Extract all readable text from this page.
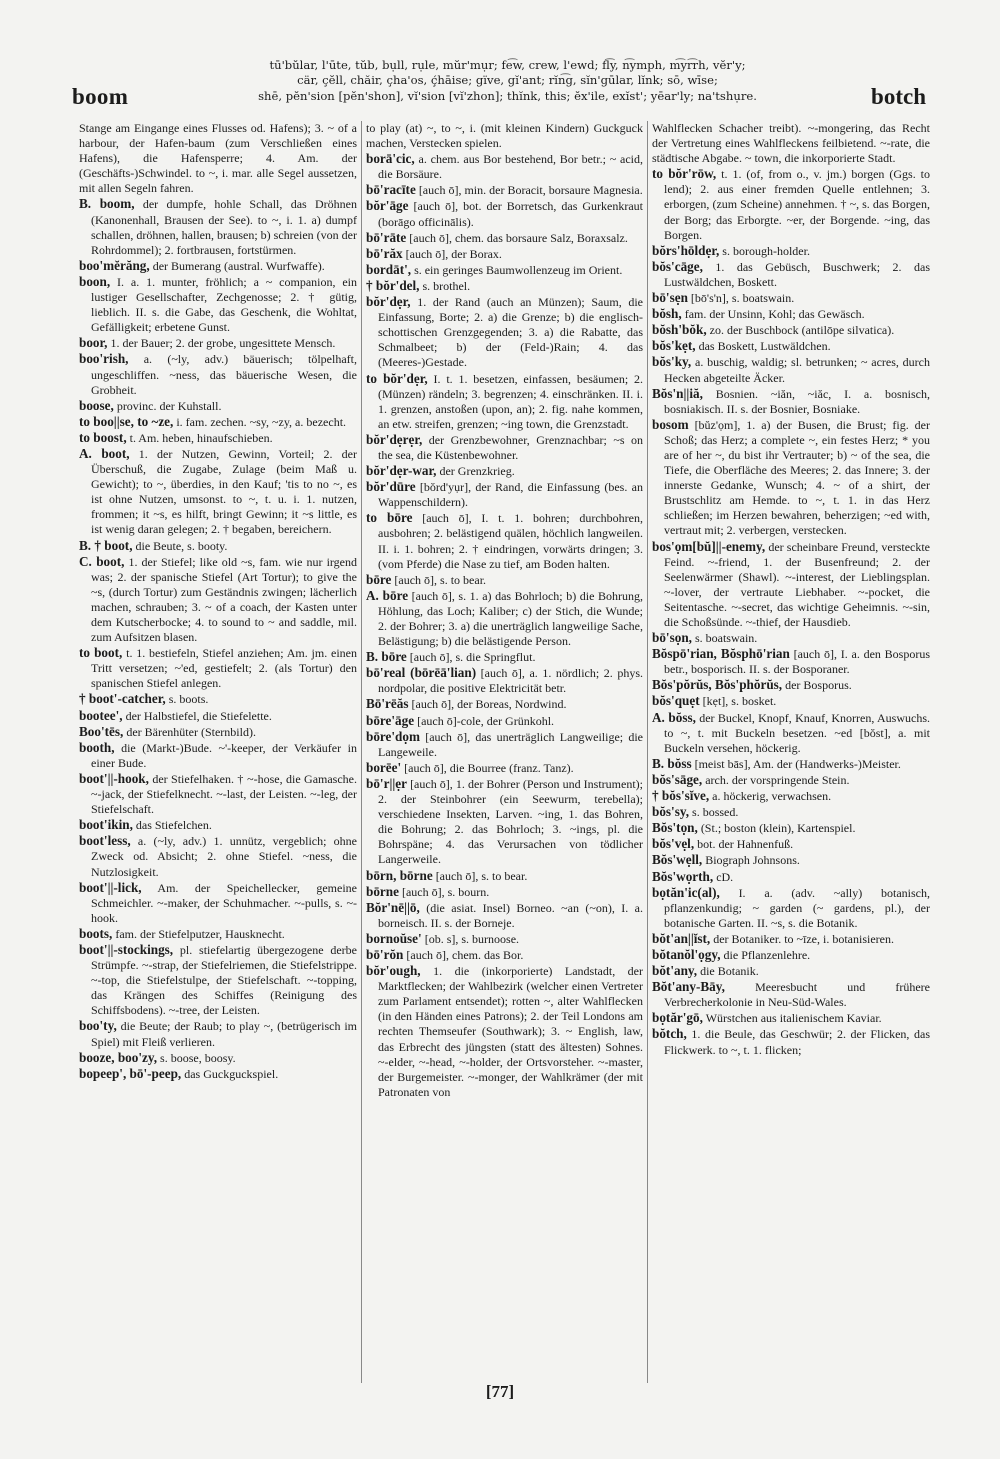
boom
tū'bŭlar, l'ūte, tŭb, bụll, rụle, mŭr'mụr; fe͡w, crew, l'ewd; fl͡y, n͡ymph, m͡yr͡rh, vĕr'y;
cär, çĕll, chăir, çha'os, ḉhāise; gïve, gĭ'ant; rĭn͡g, sĭn'gūlar, lĭnk; sō, wīse;
shē, pĕn'sion [pĕn'shon], vĭ'sion [vĭ'zhon]; thĭnk, this; ĕx'ile, exĭst'; yēar'ly; na'tshụre.	botch

Stange am Eingange eines Flusses od. Hafens); 3. ~ of a harbour, der Hafen-baum (zum Verschließen eines Hafens), die Hafensperre; 4. Am. der (Geschäfts-)Schwindel. to ~, i. mar. alle Segel aussetzen, mit allen Segeln fahren.

B. boom, der dumpfe, hohle Schall, das Dröhnen (Kanonenhall, Brausen der See). to ~, i. 1. a) dumpf schallen, dröhnen, hallen, brausen; b) schreien (von der Rohrdommel); 2. fortbrausen, fortstürmen.

boo'mĕrăng, der Bumerang (austral. Wurfwaffe).

boon, I. a. 1. munter, fröhlich; a ~ companion, ein lustiger Gesellschafter, Zechgenosse; 2. † gütig, lieblich. II. s. die Gabe, das Geschenk, die Wohltat, Gefälligkeit; erbetene Gunst.

boor, 1. der Bauer; 2. der grobe, ungesittete Mensch.

boo'rish, a. (~ly, adv.) bäuerisch; tölpelhaft, ungeschliffen. ~ness, das bäuerische Wesen, die Grobheit.

boose, provinc. der Kuhstall.

to boo||se, to ~ze, i. fam. zechen. ~sy, ~zy, a. bezecht.

to boost, t. Am. heben, hinaufschieben.

A. boot, 1. der Nutzen, Gewinn, Vorteil; 2. der Überschuß, die Zugabe, Zulage (beim Maß u. Gewicht); to ~, überdies, in den Kauf; 'tis to no ~, es ist ohne Nutzen, umsonst. to ~, t. u. i. 1. nutzen, frommen; it ~s, es hilft, bringt Gewinn; it ~s little, es ist wenig daran gelegen; 2. † begaben, bereichern.

B. † boot, die Beute, s. booty.

C. boot, 1. der Stiefel; like old ~s, fam. wie nur irgend was; 2. der spanische Stiefel (Art Tortur); to give the ~s, (durch Tortur) zum Geständnis zwingen; lächerlich machen, schrauben; 3. ~ of a coach, der Kasten unter dem Kutscherbocke; 4. to sound to ~ and saddle, mil. zum Aufsitzen blasen.

to boot, t. 1. bestiefeln, Stiefel anziehen; Am. jm. einen Tritt versetzen; ~'ed, gestiefelt; 2. (als Tortur) den spanischen Stiefel anlegen.

† boot'-catcher, s. boots.

bootee', der Halbstiefel, die Stiefelette.

Boo'tēs, der Bärenhüter (Sternbild).

booth, die (Markt-)Bude. ~'-keeper, der Verkäufer in einer Bude.

boot'||-hook, der Stiefelhaken. † ~-hose, die Gamasche. ~-jack, der Stiefelknecht. ~-last, der Leisten. ~-leg, der Stiefelschaft.

boot'ikin, das Stiefelchen.

boot'less, a. (~ly, adv.) 1. unnütz, vergeblich; ohne Zweck od. Absicht; 2. ohne Stiefel. ~ness, die Nutzlosigkeit.

boot'||-lick, Am. der Speichellecker, gemeine Schmeichler. ~-maker, der Schuhmacher. ~-pulls, s. ~-hook.

boots, fam. der Stiefelputzer, Hausknecht.

boot'||-stockings, pl. stiefelartig übergezogene derbe Strümpfe. ~-strap, der Stiefelriemen, die Stiefelstrippe. ~-top, die Stiefelstulpe, der Stiefelschaft. ~-topping, das Krängen des Schiffes (Reinigung des Schiffsbodens). ~-tree, der Leisten.

boo'ty, die Beute; der Raub; to play ~, (betrügerisch im Spiel) mit Fleiß verlieren.

booze, boo'zy, s. boose, boosy.

bopeep', bō'-peep, das Guckguckspiel.

to play (at) ~, to ~, i. (mit kleinen Kindern) Guckguck machen, Verstecken spielen.

borā'cic, a. chem. aus Bor bestehend, Bor betr.; ~ acid, die Borsäure.

bō'racīte [auch ō], min. der Boracit, borsaure Magnesia.

bŏr'āge [auch ō], bot. der Borretsch, das Gurkenkraut (borāgo officinālis).

bō'rāte [auch ō], chem. das borsaure Salz, Boraxsalz.

bō'răx [auch ō], der Borax.

bordāt', s. ein geringes Baumwollenzeug im Orient.

† bŏr'del, s. brothel.

bŏr'dẹr, 1. der Rand (auch an Münzen); Saum, die Einfassung, Borte; 2. a) die Grenze; b) die englisch-schottischen Grenzgegenden; 3. a) die Rabatte, das Schmalbeet; b) der (Feld-)Rain; 4. das (Meeres-)Gestade.

to bŏr'dẹr, I. t. 1. besetzen, einfassen, besäumen; 2. (Münzen) rändeln; 3. begrenzen; 4. einschränken. II. i. 1. grenzen, anstoßen (upon, an); 2. fig. nahe kommen, an etw. streifen, grenzen; ~ing town, die Grenzstadt.

bŏr'dẹrẹr, der Grenzbewohner, Grenznachbar; ~s on the sea, die Küstenbewohner.

bŏr'dẹr-war, der Grenzkrieg.

bŏr'dūre [bŏrd'yụr], der Rand, die Einfassung (bes. an Wappenschildern).

to bōre [auch ō], I. t. 1. bohren; durchbohren, ausbohren; 2. belästigend quälen, höchlich langweilen. II. i. 1. bohren; 2. † eindringen, vorwärts dringen; 3. (vom Pferde) die Nase zu tief, am Boden halten.

bōre [auch ō], s. to bear.

A. bōre [auch ō], s. 1. a) das Bohrloch; b) die Bohrung, Höhlung, das Loch; Kaliber; c) der Stich, die Wunde; 2. der Bohrer; 3. a) die unerträglich langweilige Sache, Belästigung; b) die belästigende Person.

B. bōre [auch ō], s. die Springflut.

bō'real (bōrēā'lian) [auch ō], a. 1. nördlich; 2. phys. nordpolar, die positive Elektricität betr.

Bō'rēăs [auch ō], der Boreas, Nordwind.

bōre'āge [auch ō]-cole, der Grünkohl.

bōre'dọm [auch ō], das unerträglich Langweilige; die Langeweile.

borēe' [auch ō], die Bourree (franz. Tanz).

bō'r||ẹr [auch ō], 1. der Bohrer (Person und Instrument); 2. der Steinbohrer (ein Seewurm, terebella); verschiedene Insekten, Larven. ~ing, 1. das Bohren, die Bohrung; 2. das Bohrloch; 3. ~ings, pl. die Bohrspäne; 4. das Verursachen von tödlicher Langerweile.

bōrn, bōrne [auch ō], s. to bear.

bōrne [auch ō], s. bourn.

Bŏr'nē||ō, (die asiat. Insel) Borneo. ~an (~on), I. a. borneisch. II. s. der Borneje.

bornoŭse' [ob. s], s. burnoose.

bō'rŏn [auch ō], chem. das Bor.

bŏr'ough, 1. die (inkorporierte) Landstadt, der Marktflecken; der Wahlbezirk (welcher einen Vertreter zum Parlament entsendet); rotten ~, alter Wahlflecken (in den Händen eines Patrons); 2. der Teil Londons am rechten Themseufer (Southwark); 3. ~ English, law, das Erbrecht des jüngsten (statt des ältesten) Sohnes. ~-elder, ~-head, ~-holder, der Ortsvorsteher. ~-master, der Burgemeister. ~-monger, der Wahlkrämer (der mit Patronaten von

Wahlflecken Schacher treibt). ~-mongering, das Recht der Vertretung eines Wahlfleckens feilbietend. ~-rate, die städtische Abgabe. ~ town, die inkorporierte Stadt.

to bŏr'rōw, t. 1. (of, from o., v. jm.) borgen (Ggs. to lend); 2. aus einer fremden Quelle entlehnen; 3. erborgen, (zum Scheine) annehmen. † ~, s. das Borgen, der Borg; das Erborgte. ~er, der Borgende. ~ing, das Borgen.

bŏrs'hōldẹr, s. borough-holder.

bŏs'cāge, 1. das Gebüsch, Buschwerk; 2. das Lustwäldchen, Boskett.

bō'sẹn [bō's'n], s. boatswain.

bŏsh, fam. der Unsinn, Kohl; das Gewäsch.

bŏsh'bŏk, zo. der Buschbock (antilōpe silvatica).

bŏs'kẹt, das Boskett, Lustwäldchen.

bŏs'ky, a. buschig, waldig; sl. betrunken; ~ acres, durch Hecken abgeteilte Äcker.

Bŏs'n||iă, Bosnien. ~iăn, ~iăc, I. a. bosnisch, bosniakisch. II. s. der Bosnier, Bosniake.

bosom [bŭz'ọm], 1. a) der Busen, die Brust; fig. der Schoß; das Herz; a complete ~, ein festes Herz; * you are of her ~, du bist ihr Vertrauter; b) ~ of the sea, die Tiefe, die Oberfläche des Meeres; 2. das Innere; 3. der innerste Gedanke, Wunsch; 4. ~ of a shirt, der Brustschlitz am Hemde. to ~, t. 1. in das Herz schließen; im Herzen bewahren, beherzigen; ~ed with, vertraut mit; 2. verbergen, verstecken.

bos'ọm[bŭ]||-enemy, der scheinbare Freund, versteckte Feind. ~-friend, 1. der Busenfreund; 2. der Seelenwärmer (Shawl). ~-interest, der Lieblingsplan. ~-lover, der vertraute Liebhaber. ~-pocket, die Seitentasche. ~-secret, das wichtige Geheimnis. ~-sin, die Schoßsünde. ~-thief, der Hausdieb.

bō'sọn, s. boatswain.

Bŏspō'rian, Bŏsphō'rian [auch ō], I. a. den Bosporus betr., bosporisch. II. s. der Bosporaner.

Bŏs'pŏrŭs, Bŏs'phŏrŭs, der Bosporus.

bŏs'quẹt [kẹt], s. bosket.

A. bŏss, der Buckel, Knopf, Knauf, Knorren, Auswuchs. to ~, t. mit Buckeln besetzen. ~ed [bŏst], a. mit Buckeln versehen, höckerig.

B. bŏss [meist bās], Am. der (Handwerks-)Meister.

bŏs'sāge, arch. der vorspringende Stein.

† bŏs'sĭve, a. höckerig, verwachsen.

bŏs'sy, s. bossed.

Bŏs'tọn, (St.; boston (klein), Kartenspiel.

bŏs'vẹl, bot. der Hahnenfuß.

Bŏs'wẹll, Biograph Johnsons.

Bŏs'wọrth, cD.

bọtăn'ic(al), I. a. (adv. ~ally) botanisch, pflanzenkundig; ~ garden (~ gardens, pl.), der botanische Garten. II. ~s, s. die Botanik.

bŏt'an||ĭst, der Botaniker. to ~īze, i. botanisieren.

bŏtanŏl'ọgy, die Pflanzenlehre.

bŏt'any, die Botanik.

Bŏt'any-Bāy,	Meeresbucht und frühere Verbrecherkolonie in Neu-Süd-Wales.

bọtăr'gō, Würstchen aus italienischem Kaviar.

bŏtch, 1. die Beule, das Geschwür; 2. der Flicken, das Flickwerk. to ~, t. 1. flicken;

[77]
